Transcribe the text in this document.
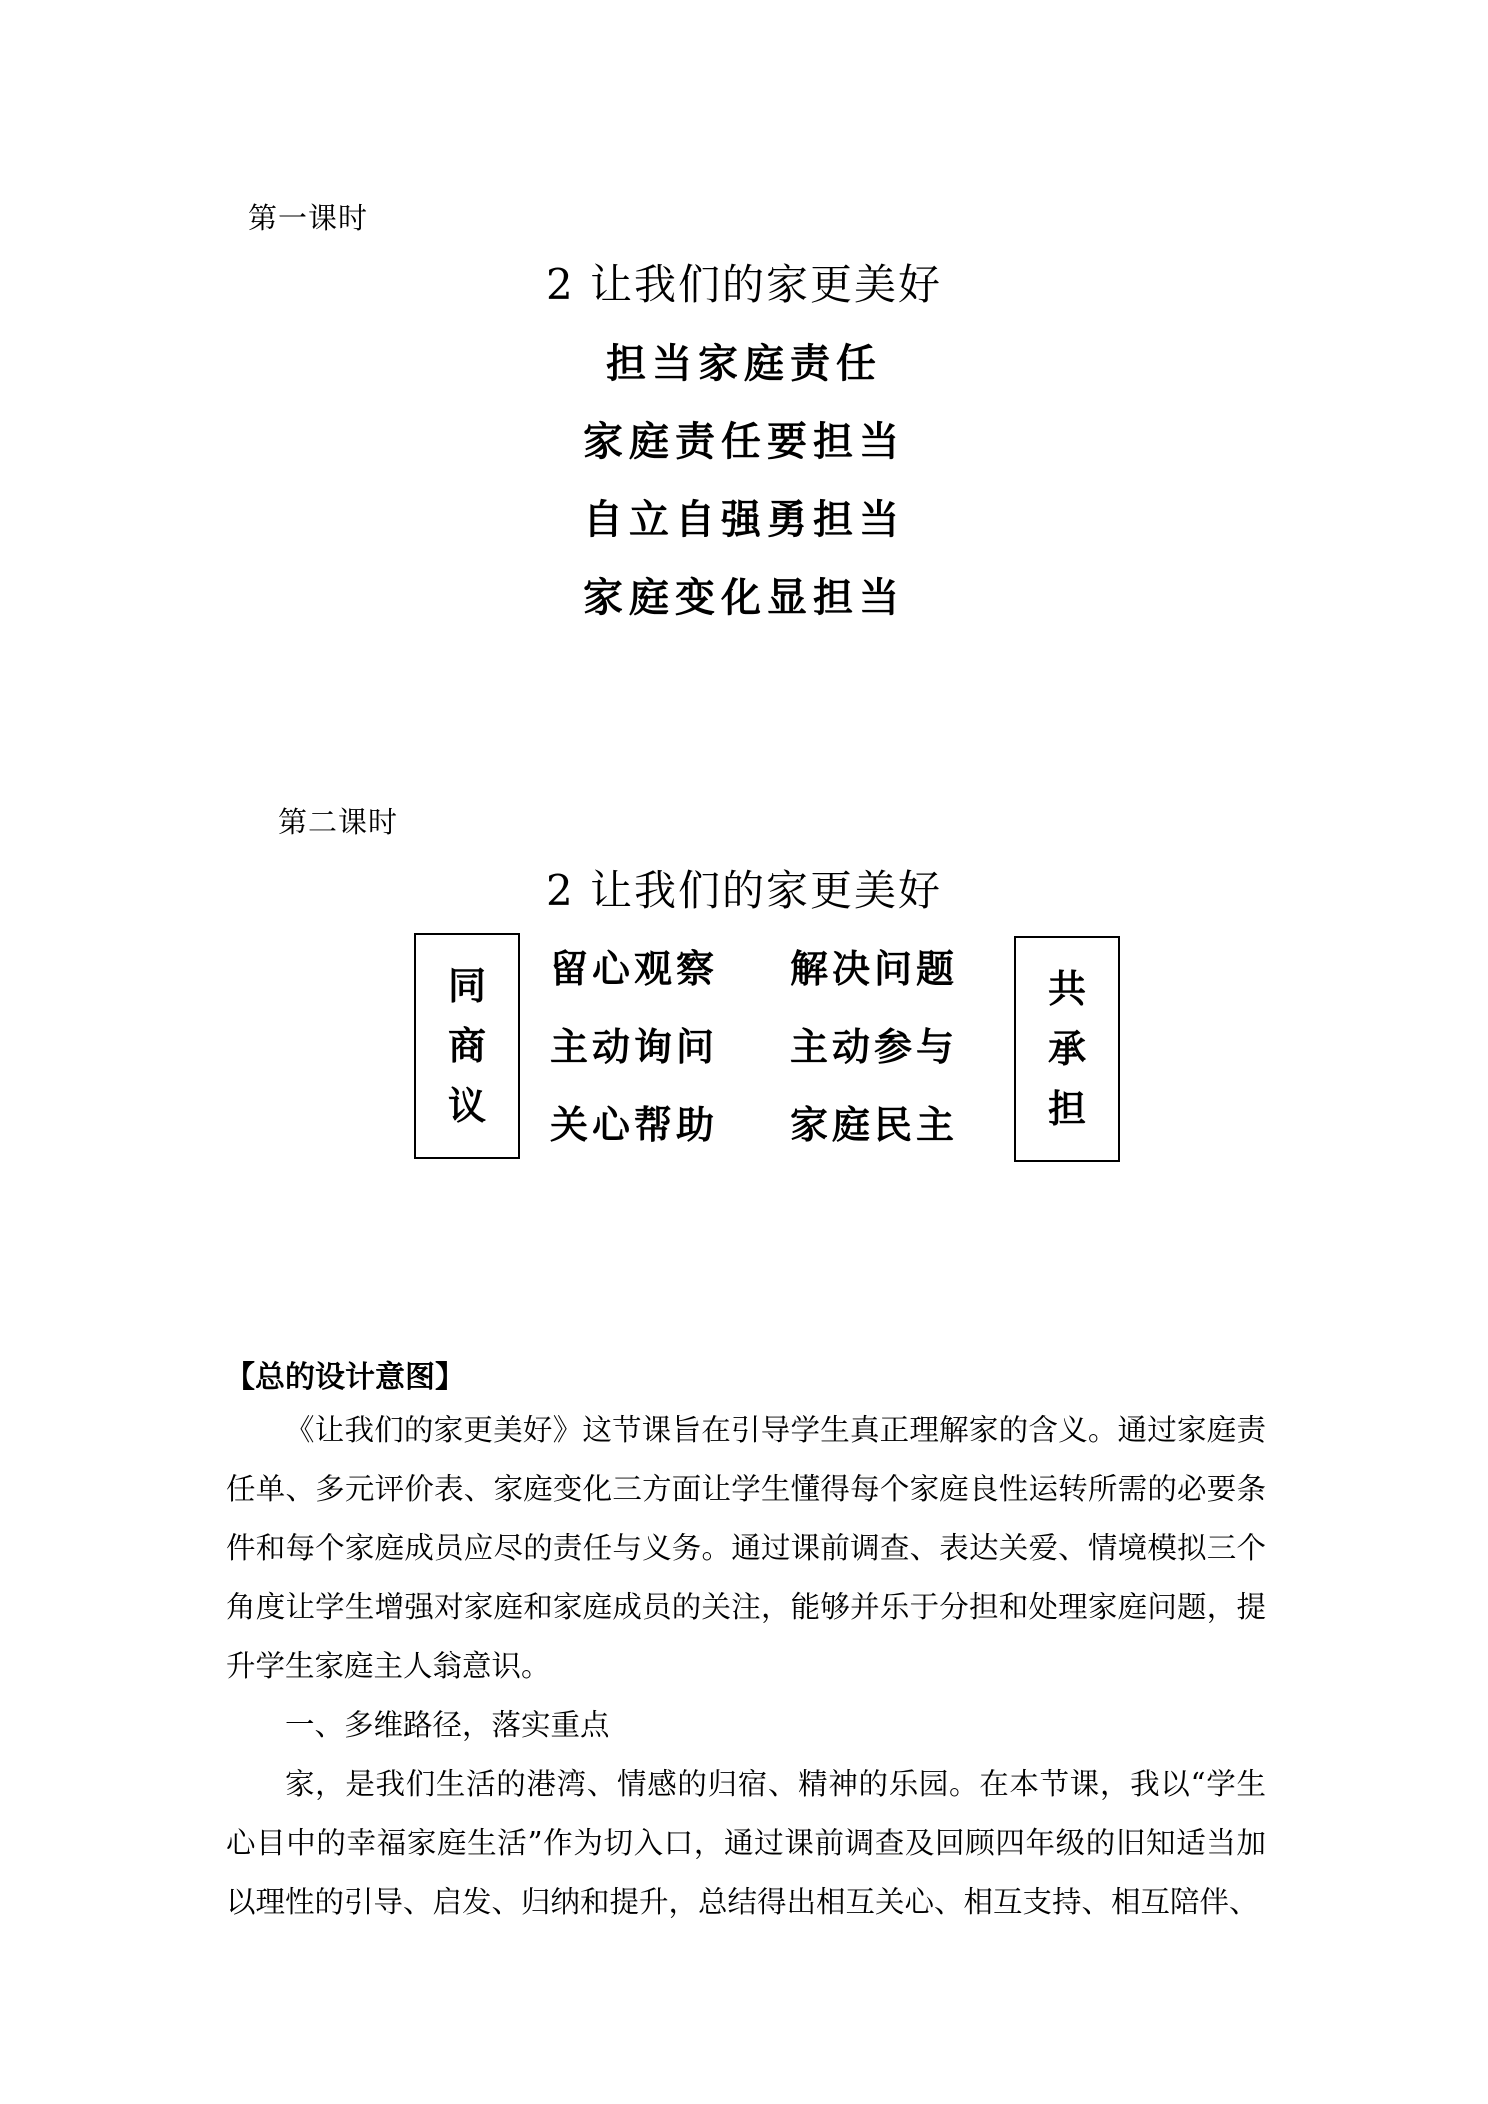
第一课时
2 让我们的家更美好
担当家庭责任
家庭责任要担当
自立自强勇担当
家庭变化显担当
第二课时
2 让我们的家更美好
同
商
议
留心观察 解决问题
主动询问 主动参与
关心帮助 家庭民主
共
承
担
【总的设计意图】

《让我们的家更美好》这节课旨在引导学生真正理解家的含义。通过家庭责任单、多元评价表、家庭变化三方面让学生懂得每个家庭良性运转所需的必要条件和每个家庭成员应尽的责任与义务。通过课前调查、表达关爱、情境模拟三个角度让学生增强对家庭和家庭成员的关注，能够并乐于分担和处理家庭问题，提升学生家庭主人翁意识。

一、多维路径，落实重点

家，是我们生活的港湾、情感的归宿、精神的乐园。在本节课，我以“学生心目中的幸福家庭生活”作为切入口，通过课前调查及回顾四年级的旧知适当加以理性的引导、启发、归纳和提升，总结得出相互关心、相互支持、相互陪伴、
